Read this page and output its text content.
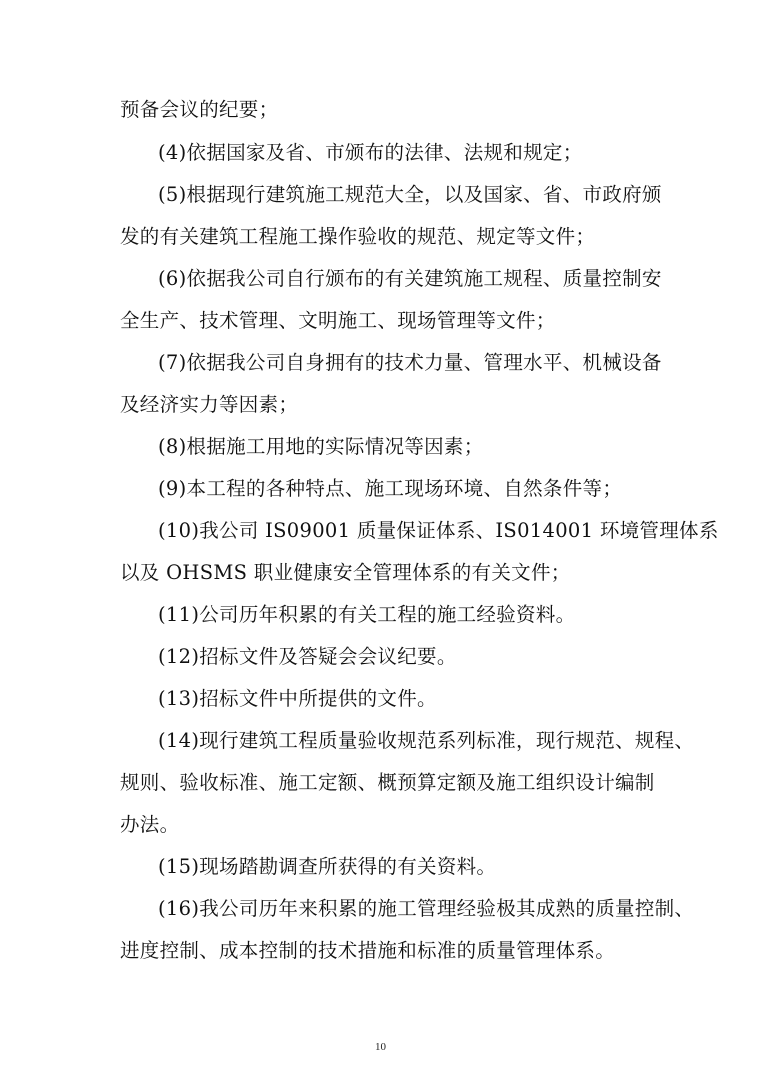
预备会议的纪要；
(4)依据国家及省、市颁布的法律、法规和规定；
(5)根据现行建筑施工规范大全，以及国家、省、市政府颁
发的有关建筑工程施工操作验收的规范、规定等文件；
(6)依据我公司自行颁布的有关建筑施工规程、质量控制安
全生产、技术管理、文明施工、现场管理等文件；
(7)依据我公司自身拥有的技术力量、管理水平、机械设备
及经济实力等因素；
(8)根据施工用地的实际情况等因素；
(9)本工程的各种特点、施工现场环境、自然条件等；
(10)我公司 IS09001 质量保证体系、IS014001 环境管理体系
以及 OHSMS 职业健康安全管理体系的有关文件；
(11)公司历年积累的有关工程的施工经验资料。
(12)招标文件及答疑会会议纪要。
(13)招标文件中所提供的文件。
(14)现行建筑工程质量验收规范系列标准，现行规范、规程、
规则、验收标准、施工定额、概预算定额及施工组织设计编制
办法。
(15)现场踏勘调查所获得的有关资料。
(16)我公司历年来积累的施工管理经验极其成熟的质量控制、
进度控制、成本控制的技术措施和标准的质量管理体系。
10
